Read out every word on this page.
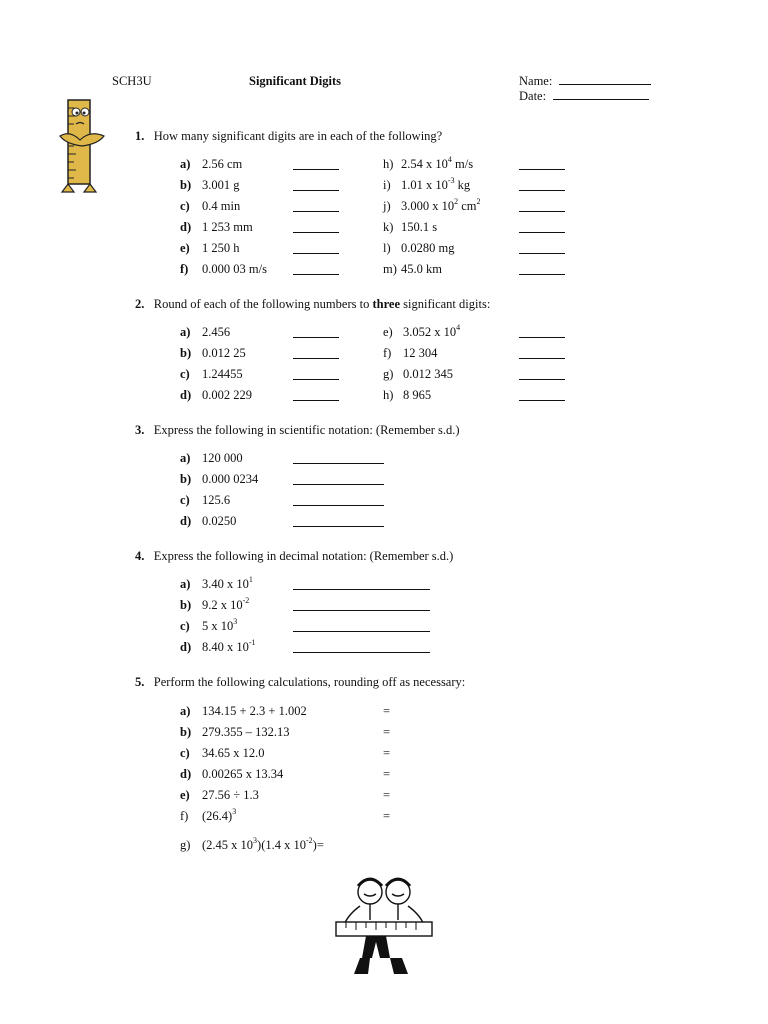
SCH3U	Significant Digits	Name:
Date:
1. How many significant digits are in each of the following?
2. Round of each of the following numbers to three significant digits:
3. Express the following in scientific notation: (Remember s.d.)
4. Express the following in decimal notation: (Remember s.d.)
5. Perform the following calculations, rounding off as necessary:
g) (2.45 x $10^3)(1.4$ x $10^{-2})=$
a) 2.56 cm
b) 3.001 g
c) 0.4 min
d) 1 253 mm
e) 1 250 h
f) 0.000 03 m/s
h) 2.54 x $10^4$ m/s
i) 1.01 x $10^{-3}$ kg
j) 3.000 x $10^2$ $cm^2$
k) 150.1 s
l) 0.0280 mg
m) 45.0 km
a) 2.456
b) 0.012 25
c) 1.24455
d) 0.002 229
e) 3.052 x $10^4$
f) 12 304
g) 0.012 345
h) 8 965
a) 120 000
b) 0.000 0234
c) 125.6
d) 0.0250
a) 3.40 x $10^1$
b) 9.2 x $10^{-2}$
c) 5 x $10^3$
d) 8.40 x $10^{-1}$
a) 134.15 + 2.3 + 1.002	=
b) 279.355 – 132.13	=
c) 34.65 x 12.0	=
d) 0.00265 x 13.34	=
e) 27.56 ÷ 1.3	=
f) $(26.4)^3$	=
